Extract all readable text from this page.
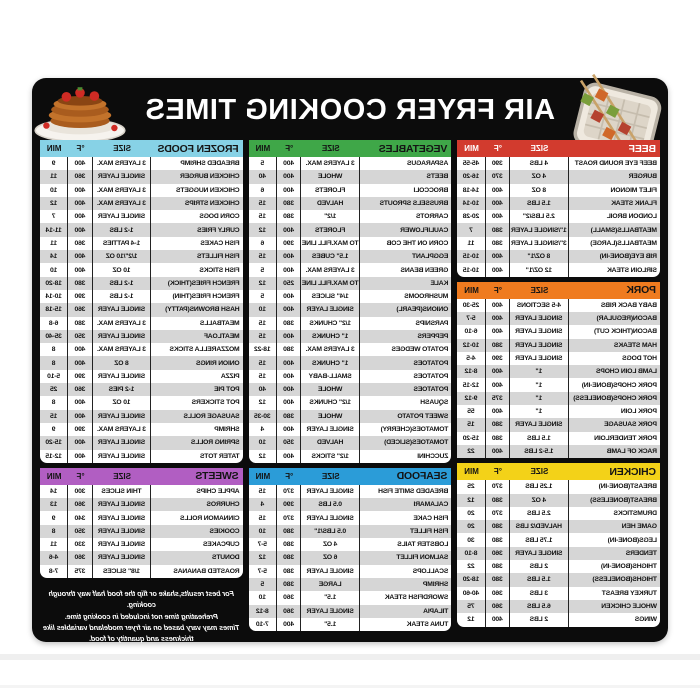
AIR FRYER COOKING TIMES
BEEF
SIZE
°F
MIN
BEEF EYE ROUND ROAST
4 LBS
390
45-55
BURGER
4 OZ
370
16-20
FILET MIGNON
8 OZ
400
14-18
FLANK STEAK
1.5 LBS
400
10-14
LONDON BROIL
2.5 LBS/2"
400
20-28
MEATBALLS(SMALL)
1"/SINGLE LAYER
380
7
MEATBALLS(LARGE)
3"/SINGLE LAYER
380
11
RIB EYE(BONE-IN)
8 OZ/1"
400
10-15
SIRLOIN STEAK
12 OZ/1"
400
10-15
PORK
SIZE
°F
MIN
BABY BACK RIBS
4-5 SECTIONS
400
25-30
BACON(REGULAR)
SINGLE LAYER
400
5-7
BACON(THICK CUT)
SINGLE LAYER
400
6-10
HAM STEAKS
SINGLE LAYER
380
10-12
HOT DOGS
SINGLE LAYER
390
4-5
LAMB LOIN CHOPS
1"
400
8-12
PORK CHOPS(BONE-IN)
1"
400
12-15
PORK CHOPS(BONELESS)
1"
375
9-12
PORK LOIN
1"
400
55
PORK SAUSAGE
SINGLE LAYER
380
15
PORK TENDERLOIN
1.5 LBS
380
15-20
RACK OF LAMB
1.5-2 LBS
400
22
CHICKEN
SIZE
°F
MIN
BREAST(BONE-IN)
1.25 LBS
370
25
BREAST(BONELESS)
4 OZ
380
12
DRUMSTICKS
2.5 LBS
370
20
GAME HEN
HALVED/2 LBS
380
20
LEGS(BONE-IN)
1.75 LBS
380
30
TENDERS
SINGLE LAYER
360
8-10
THIGHS(BONE-IN)
2 LBS
380
22
THIGHS(BONELESS)
1.5 LBS
380
18-20
TURKEY BREAST
3 LBS
360
40-60
WHOLE CHICKEN
6.5 LBS
360
75
WINGS
2 LBS
400
12
VEGETABLES
SIZE
°F
MIN
ASPARAGUS
3 LAYERS MAX.
400
5
BEETS
WHOLE
400
40
BROCCOLI
FLORETS
400
6
BRUSSELS SPROUTS
HALVED
380
15
CARROTS
1/2"
380
15
CAULIFLOWER
FLORETS
400
12
CORN ON THE COB
TO MAX.FILL LINE
390
6
EGGPLANT
1.5" CUBES
400
15
GREEN BEANS
3 LAYERS MAX.
400
5
KALE
TO MAX.FILL LINE
250
12
MUSHROOMS
1/4" SLICES
400
5
ONIONS(PEARL)
SINGLE LAYER
400
10
PARSNIPS
1/2" CHUNKS
380
15
PEPPERS
1" CHUNKS
400
15
POTATO WEDGES
3 LAYERS MAX.
380
18-22
POTATOES
1" CHUNKS
400
15
POTATOES
SMALL-BABY
400
15
POTATOES
WHOLE
400
40
SQUASH
1/2" CHUNKS
400
12
SWEET POTATO
WHOLE
380
30-35
TOMATOES(CHERRY)
SINGLE LAYER
400
4
TOMATOES(SLICED)
HALVED
350
10
ZUCCHINI
1/2" STICKS
400
12
SEAFOOD
SIZE
°F
MIN
BREADED SMITE FISH
SINGLE LAYER
370
15
CALAMARI
0.5 LBS
390
4
FISH CAKE
SINGLE LAYER
370
15
FISH FILLET
0.5 LBS/1"
380
10
LOBSTER TAILS
4 OZ
380
5-7
SALMON FILLET
6 OZ
380
12
SCALLOPS
SINGLE LAYER
380
5-7
SHRIMP
LARGE
380
5
SWORDFISH STEAK
1.5"
360
10
TILAPIA
SINGLE LAYER
360
8-12
TUNA STEAK
1.5"
400
7-10
FROZEN FOODS
SIZE
°F
MIN
BREADED SHRIMP
3 LAYERS MAX.
400
9
CHICKEN BURGER
SINGLE LAYER
360
11
CHICKEN NUGGETS
3 LAYERS MAX.
400
10
CHICKEN STRIPS
3 LAYERS MAX.
400
12
CORN DOGS
SINGLE LAYER
400
7
CURLY FRIES
1-2 LBS
400
11-14
FISH CAKES
1-4 PATTIES
360
11
FISH FILLETS
1/2"/10 OZ
400
14
FISH STICKS
10 OZ
400
10
FRENCH FRIES(THICK)
1-2 LBS
380
18-20
FRENCH FRIES(THIN)
1-2 LBS
390
10-14
HASH BROWNS(PATTY)
SINGLE LAYER
360
15-18
MEATBALLS
3 LAYERS MAX.
380
6-8
MEATLOAF
SINGLE LAYER
350
35-40
MOZZARELLA STICKS
3 LAYERS MAX.
400
8
ONION RINGS
8 OZ
400
8
PIZZA
SINGLE LAYER
390
5-10
POT PIE
1-2 PIES
360
25
POT STICKERS
10 OZ
400
8
SAUSAGE ROLLS
SINGLE LAYER
400
15
SHRIMP
3 LAYERS MAX.
390
9
SPRING ROLLS
SINGLE LAYER
400
15-20
TATER TOTS
SINGLE LAYER
400
12-15
SWEETS
SIZE
°F
MIN
APPLE CHIPS
THIN SLICES
300
14
CHURROS
SINGLE LAYER
360
13
CINNAMON ROLLS
SINGLE LAYER
340
9
COOKIES
SINGLE LAYER
350
8
CUPCAKES
SINGLE LAYER
330
11
DONUTS
SINGLE LAYER
360
4-6
ROASTED BANANAS
1/8" SLICES
375
7-8
For best results,shake or flip the food half way through cooking.
Preheating time not included in cooking time.
Times may vary based on air fryer modeland variables like
thickness and quantity of food.
